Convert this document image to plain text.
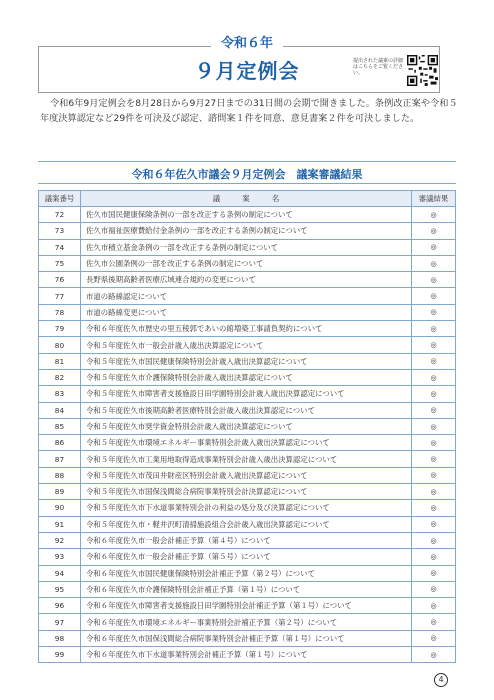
令和６年
９月定例会	提出された議案の詳細はこちらをご覧ください。

令和6年9月定例会を8月28日から9月27日までの31日間の会期で開きました。条例改正案や令和５年度決算認定など29件を可決及び認定、諮問案１件を同意、意見書案２件を可決しました。

令和６年佐久市議会９月定例会　議案審議結果
議案番号	議　　　案　　　名	審議結果
72	佐久市国民健康保険条例の一部を改正する条例の制定について	◎
73	佐久市福祉医療費給付金条例の一部を改正する条例の制定について	◎
74	佐久市積立基金条例の一部を改正する条例の制定について	◎
75	佐久市公園条例の一部を改正する条例の制定について	◎
76	長野県後期高齢者医療広域連合規約の変更について	◎
77	市道の路線認定について	◎
78	市道の路線変更について	◎
79	令和６年度佐久市歴史の里五稜郭であいの館増築工事請負契約について	◎
80	令和５年度佐久市一般会計歳入歳出決算認定について	◎
81	令和５年度佐久市国民健康保険特別会計歳入歳出決算認定について	◎
82	令和５年度佐久市介護保険特別会計歳入歳出決算認定について	◎
83	令和５年度佐久市障害者支援施設日田学園特別会計歳入歳出決算認定について	◎
84	令和５年度佐久市後期高齢者医療特別会計歳入歳出決算認定について	◎
85	令和５年度佐久市奨学資金特別会計歳入歳出決算認定について	◎
86	令和５年度佐久市環境エネルギー事業特別会計歳入歳出決算認定について	◎
87	令和５年度佐久市工業用地取得造成事業特別会計歳入歳出決算認定について	◎
88	令和５年度佐久市茂田井財産区特別会計歳入歳出決算認定について	◎
89	令和５年度佐久市国保浅間総合病院事業特別会計決算認定について	◎
90	令和５年度佐久市下水道事業特別会計の利益の処分及び決算認定について	◎
91	令和５年度佐久市・軽井沢町清掃施設組合会計歳入歳出決算認定について	◎
92	令和６年度佐久市一般会計補正予算（第４号）について	◎
93	令和６年度佐久市一般会計補正予算（第５号）について	◎
94	令和６年度佐久市国民健康保険特別会計補正予算（第２号）について	◎
95	令和６年度佐久市介護保険特別会計補正予算（第１号）について	◎
96	令和６年度佐久市障害者支援施設日田学園特別会計補正予算（第１号）について	◎
97	令和６年度佐久市環境エネルギー事業特別会計補正予算（第２号）について	◎
98	令和６年度佐久市国保浅間総合病院事業特別会計補正予算（第１号）について	◎
99	令和６年度佐久市下水道事業特別会計補正予算（第１号）について	◎
4
